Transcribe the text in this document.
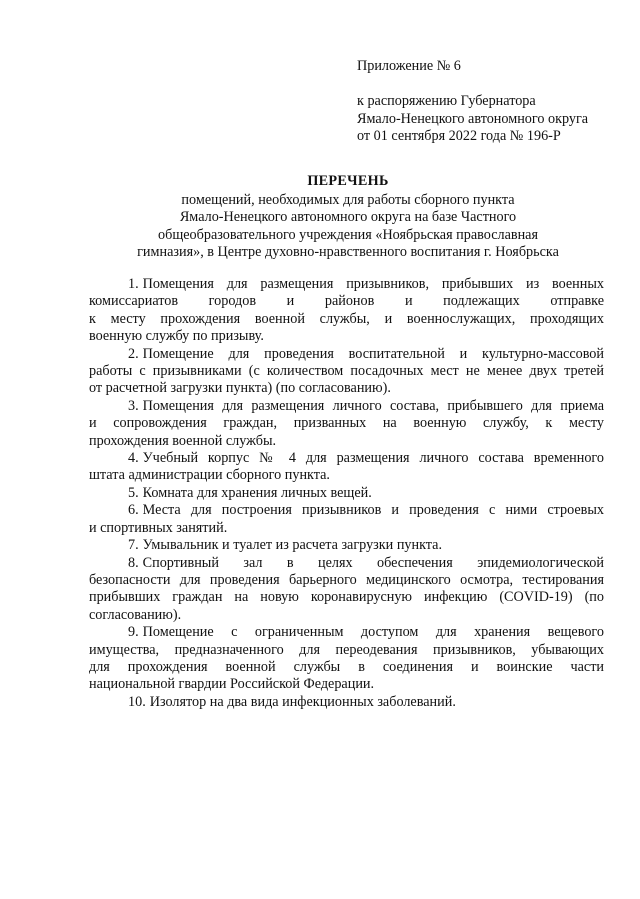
Приложение № 6
к распоряжению Губернатора
Ямало-Ненецкого автономного округа
от 01 сентября 2022 года № 196-Р
ПЕРЕЧЕНЬ
помещений, необходимых для работы сборного пункта
Ямало-Ненецкого автономного округа на базе Частного
общеобразовательного учреждения «Ноябрьская православная
гимназия», в Центре духовно-нравственного воспитания г. Ноябрьска
1. Помещения для размещения призывников, прибывших из военных
комиссариатов городов и районов и подлежащих отправке
к месту прохождения военной службы, и военнослужащих, проходящих
военную службу по призыву.
2. Помещение для проведения воспитательной и культурно-массовой
работы с призывниками (с количеством посадочных мест не менее двух третей
от расчетной загрузки пункта) (по согласованию).
3. Помещения для размещения личного состава, прибывшего для приема
и сопровождения граждан, призванных на военную службу, к месту
прохождения военной службы.
4. Учебный корпус № 4 для размещения личного состава временного
штата администрации сборного пункта.
5. Комната для хранения личных вещей.
6. Места для построения призывников и проведения с ними строевых
и спортивных занятий.
7. Умывальник и туалет из расчета загрузки пункта.
8. Спортивный зал в целях обеспечения эпидемиологической
безопасности для проведения барьерного медицинского осмотра, тестирования
прибывших граждан на новую коронавирусную инфекцию (COVID-19) (по
согласованию).
9. Помещение с ограниченным доступом для хранения вещевого
имущества, предназначенного для переодевания призывников, убывающих
для прохождения военной службы в соединения и воинские части
национальной гвардии Российской Федерации.
10. Изолятор на два вида инфекционных заболеваний.
